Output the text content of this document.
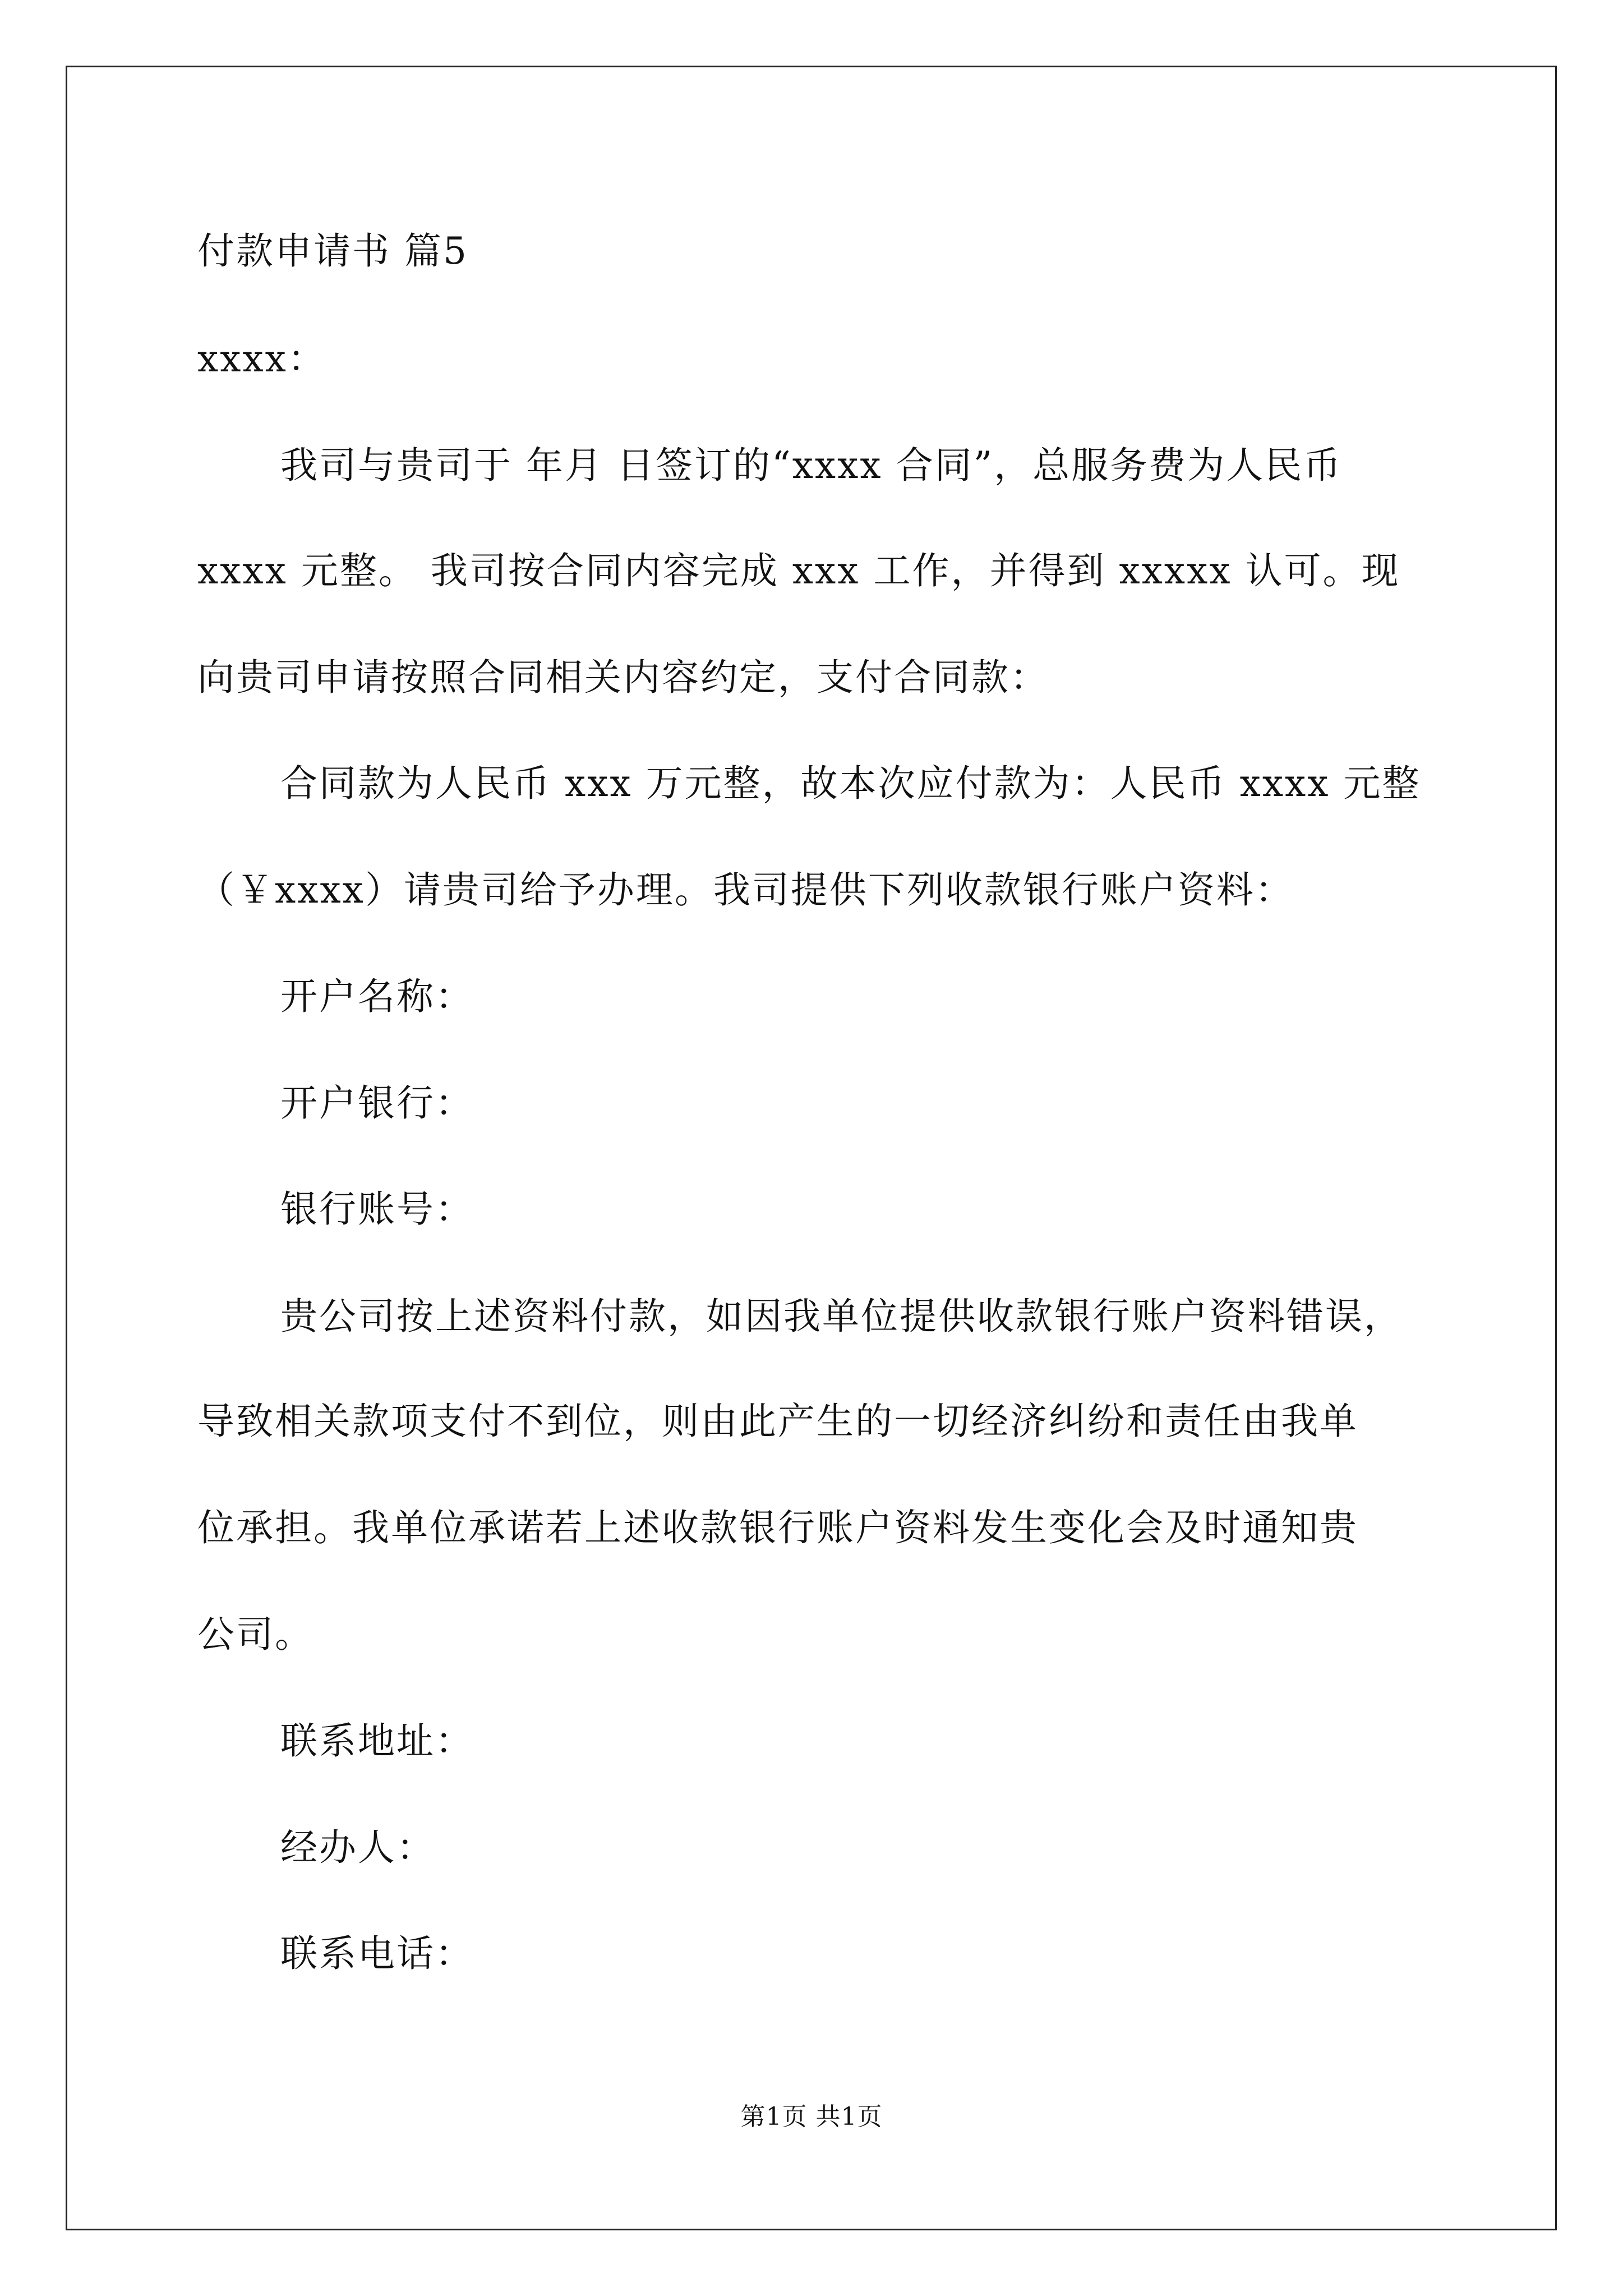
付款申请书 篇5
xxxx：
我司与贵司于 年月 日签订的“xxxx 合同”，总服务费为人民币
xxxx 元整。 我司按合同内容完成 xxx 工作，并得到 xxxxx 认可。现
向贵司申请按照合同相关内容约定，支付合同款：
合同款为人民币 xxx 万元整，故本次应付款为：人民币 xxxx 元整
（￥xxxx）请贵司给予办理。我司提供下列收款银行账户资料：
开户名称：
开户银行：
银行账号：
贵公司按上述资料付款，如因我单位提供收款银行账户资料错误，
导致相关款项支付不到位，则由此产生的一切经济纠纷和责任由我单
位承担。我单位承诺若上述收款银行账户资料发生变化会及时通知贵
公司。
联系地址：
经办人：
联系电话：
第1页 共1页
